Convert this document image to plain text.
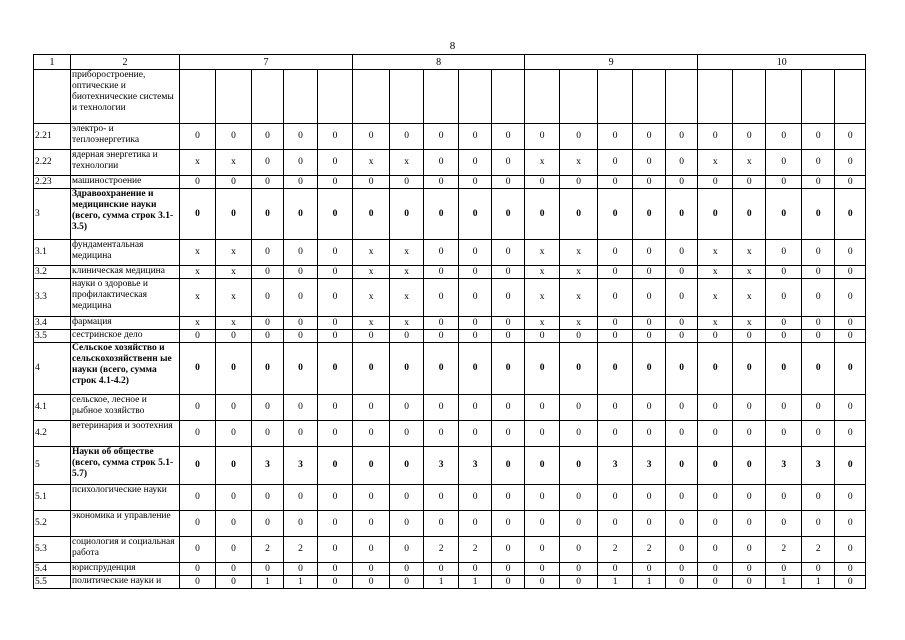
8
1	2	7					8					9					10				
	приборостроение, оптические и биотехнические системы и технологии																				
2.21	электро- и теплоэнергетика	0	0	0	0	0	0	0	0	0	0	0	0	0	0	0	0	0	0	0	0
2.22	ядерная энергетика и технологии	x	x	0	0	0	x	x	0	0	0	x	x	0	0	0	x	x	0	0	0
2.23	машиностроение	0	0	0	0	0	0	0	0	0	0	0	0	0	0	0	0	0	0	0	0
3	Здравоохранение и медицинские науки (всего, сумма строк 3.1-3.5)	0	0	0	0	0	0	0	0	0	0	0	0	0	0	0	0	0	0	0	0
3.1	фундаментальная медицина	x	x	0	0	0	x	x	0	0	0	x	x	0	0	0	x	x	0	0	0
3.2	клиническая медицина	x	x	0	0	0	x	x	0	0	0	x	x	0	0	0	x	x	0	0	0
3.3	науки о здоровье и профилактическая медицина	x	x	0	0	0	x	x	0	0	0	x	x	0	0	0	x	x	0	0	0
3.4	фармация	x	x	0	0	0	x	x	0	0	0	x	x	0	0	0	x	x	0	0	0
3.5	сестринское дело	0	0	0	0	0	0	0	0	0	0	0	0	0	0	0	0	0	0	0	0
4	Сельское хозяйство и сельскохозяйственн ые науки (всего, сумма строк 4.1-4.2)	0	0	0	0	0	0	0	0	0	0	0	0	0	0	0	0	0	0	0	0
4.1	сельское, лесное и рыбное хозяйство	0	0	0	0	0	0	0	0	0	0	0	0	0	0	0	0	0	0	0	0
4.2	ветеринария и зоотехния	0	0	0	0	0	0	0	0	0	0	0	0	0	0	0	0	0	0	0	0
5	Науки об обществе (всего, сумма строк 5.1-5.7)	0	0	3	3	0	0	0	3	3	0	0	0	3	3	0	0	0	3	3	0
5.1	психологические науки	0	0	0	0	0	0	0	0	0	0	0	0	0	0	0	0	0	0	0	0
5.2	экономика и управление	0	0	0	0	0	0	0	0	0	0	0	0	0	0	0	0	0	0	0	0
5.3	социология и социальная работа	0	0	2	2	0	0	0	2	2	0	0	0	2	2	0	0	0	2	2	0
5.4	юриспруденция	0	0	0	0	0	0	0	0	0	0	0	0	0	0	0	0	0	0	0	0
5.5	политические науки и	0	0	1	1	0	0	0	1	1	0	0	0	1	1	0	0	0	1	1	0
